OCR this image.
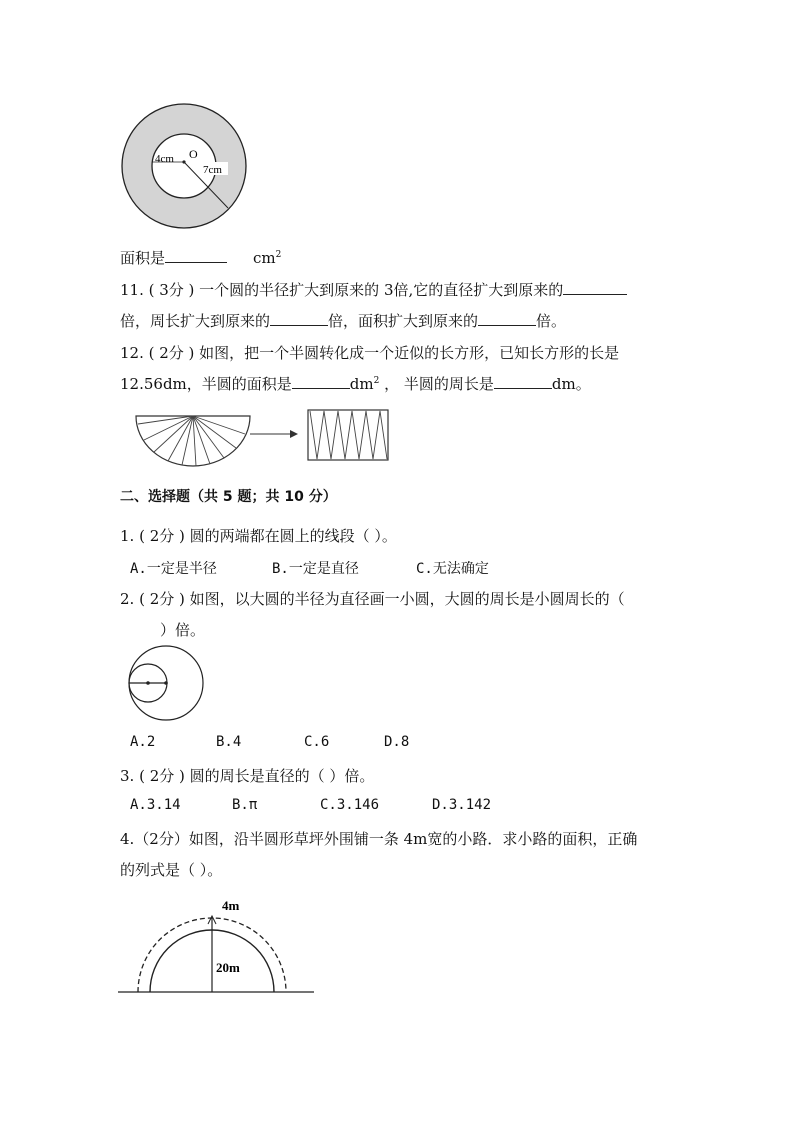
4cm O
7cm
面积是	$cm^2$
11. ( 3分 ) 一个圆的半径扩大到原来的 3倍,它的直径扩大到原来的
倍，周长扩大到原来的	倍，面积扩大到原来的	倍。
12. ( 2分 ) 如图，把一个半圆转化成一个近似的长方形，已知长方形的长是
12.56dm，半圆的面积是	$dm^2$ ， 半圆的周长是	dm。
二、选择题（共 5 题；共 10 分）
1. ( 2分 ) 圆的两端都在圆上的线段（ ）。
A.一定是半径	B.一定是直径	C.无法确定
2. ( 2分 ) 如图，以大圆的半径为直径画一小圆，大圆的周长是小圆周长的（
）倍。
A.2	B.4	C.6	D.8
3. ( 2分 ) 圆的周长是直径的（ ）倍。
A.3.14	B.π	C.3.146	D.3.142
4.（2分）如图，沿半圆形草坪外围铺一条 4m宽的小路．求小路的面积，正确
的列式是（ ）。
4m
20m
